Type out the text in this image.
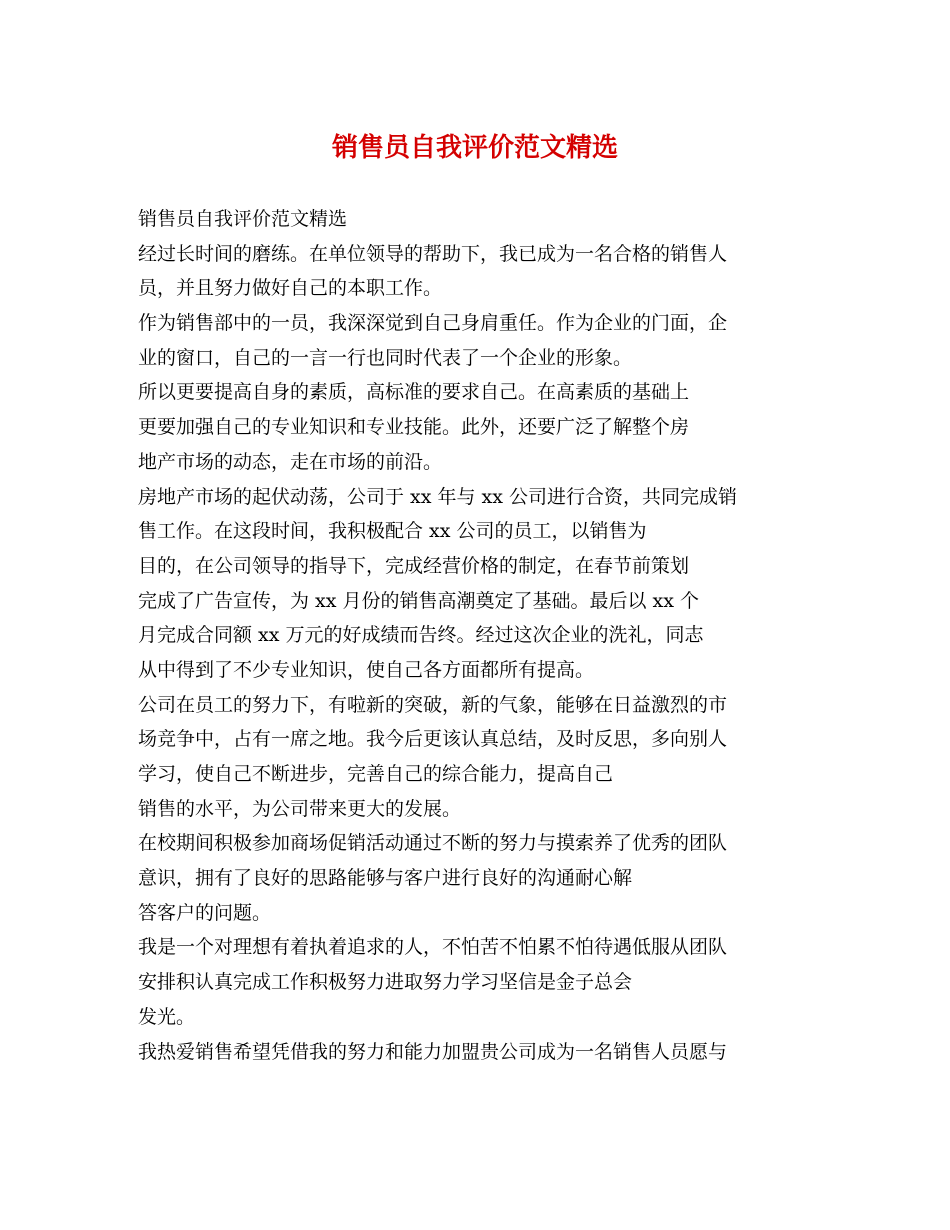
销售员自我评价范文精选
销售员自我评价范文精选
经过长时间的磨练。在单位领导的帮助下，我已成为一名合格的销售人
员，并且努力做好自己的本职工作。
作为销售部中的一员，我深深觉到自己身肩重任。作为企业的门面，企
业的窗口，自己的一言一行也同时代表了一个企业的形象。
所以更要提高自身的素质，高标准的要求自己。在高素质的基础上
更要加强自己的专业知识和专业技能。此外，还要广泛了解整个房
地产市场的动态，走在市场的前沿。
房地产市场的起伏动荡，公司于 xx 年与 xx 公司进行合资，共同完成销
售工作。在这段时间，我积极配合 xx 公司的员工，以销售为
目的，在公司领导的指导下，完成经营价格的制定，在春节前策划
完成了广告宣传，为 xx 月份的销售高潮奠定了基础。最后以 xx 个
月完成合同额 xx 万元的好成绩而告终。经过这次企业的洗礼，同志
从中得到了不少专业知识，使自己各方面都所有提高。
公司在员工的努力下，有啦新的突破，新的气象，能够在日益激烈的市
场竞争中，占有一席之地。我今后更该认真总结，及时反思，多向别人
学习，使自己不断进步，完善自己的综合能力，提高自己
销售的水平，为公司带来更大的发展。
在校期间积极参加商场促销活动通过不断的努力与摸索养了优秀的团队
意识，拥有了良好的思路能够与客户进行良好的沟通耐心解
答客户的问题。
我是一个对理想有着执着追求的人，不怕苦不怕累不怕待遇低服从团队
安排积认真完成工作积极努力进取努力学习坚信是金子总会
发光。
我热爱销售希望凭借我的努力和能力加盟贵公司成为一名销售人员愿与
